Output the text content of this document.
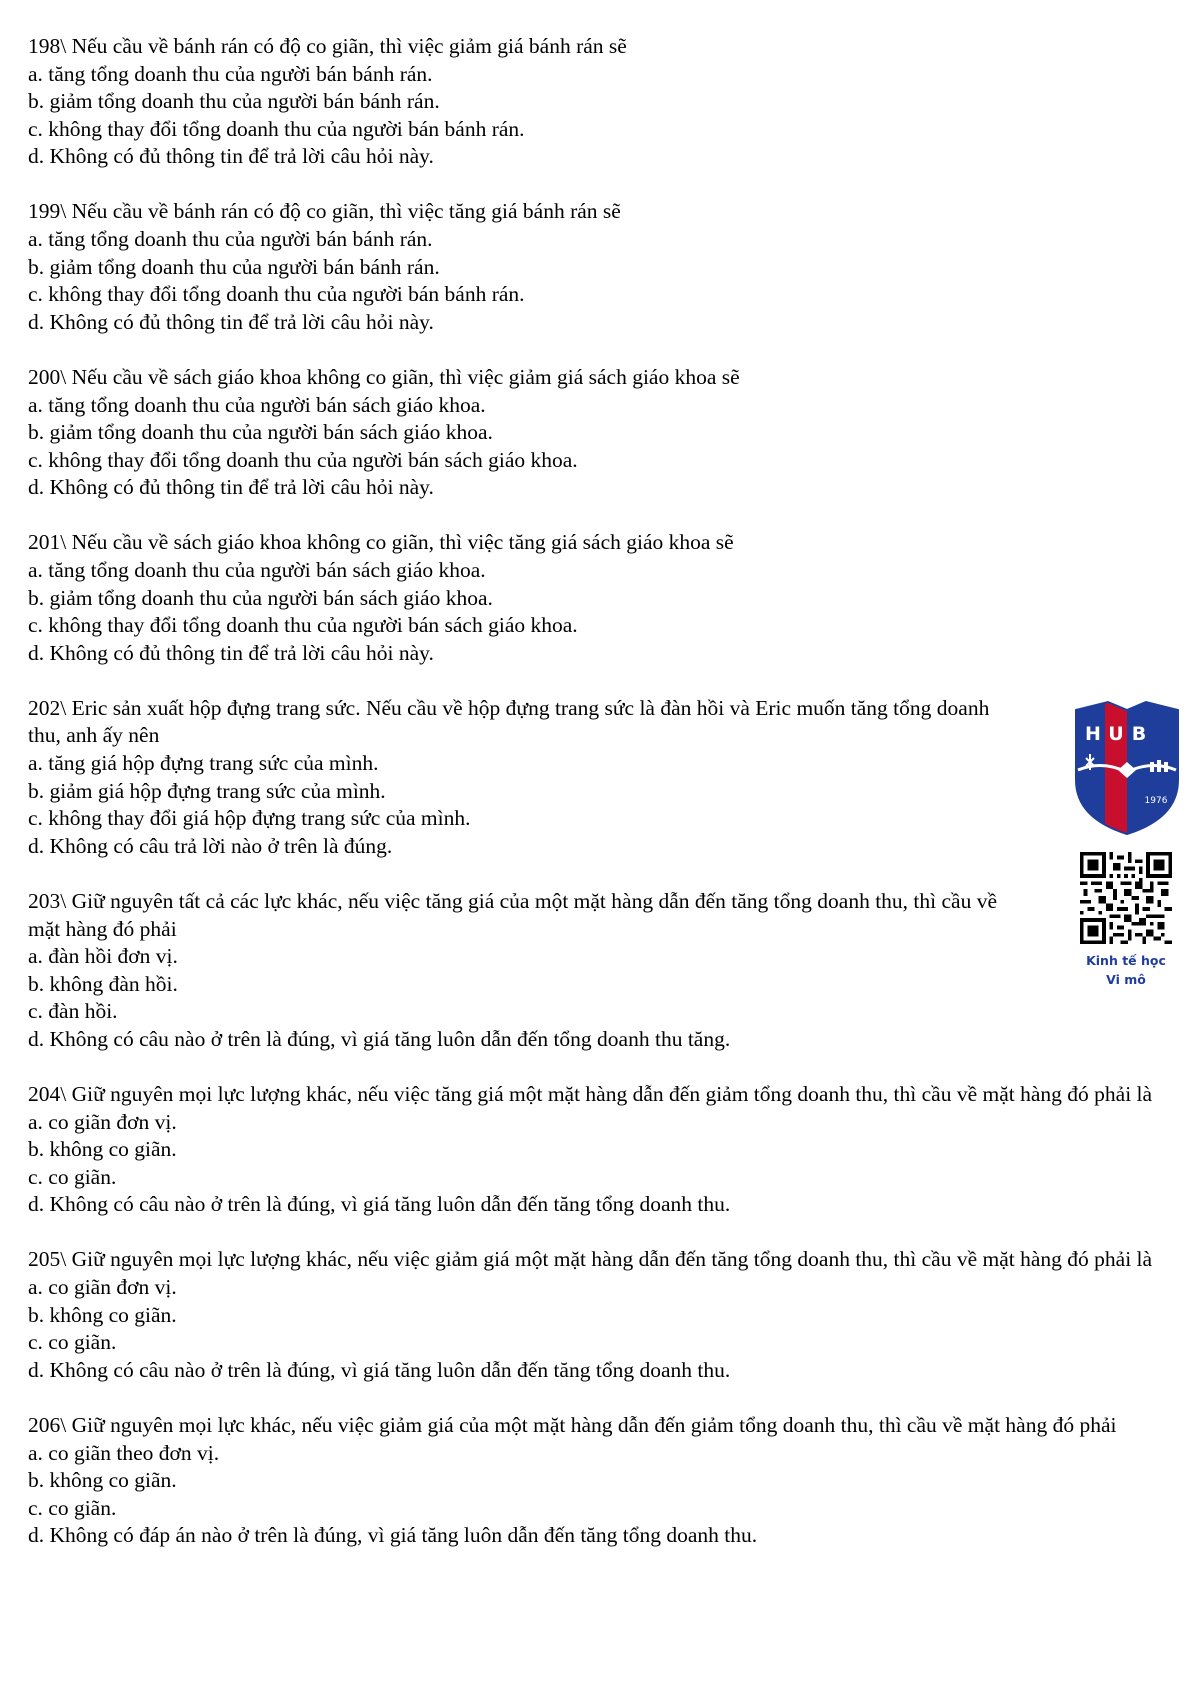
198\ Nếu cầu về bánh rán có độ co giãn, thì việc giảm giá bánh rán sẽ

a. tăng tổng doanh thu của người bán bánh rán.

b. giảm tổng doanh thu của người bán bánh rán.

c. không thay đổi tổng doanh thu của người bán bánh rán.

d. Không có đủ thông tin để trả lời câu hỏi này.

199\ Nếu cầu về bánh rán có độ co giãn, thì việc tăng giá bánh rán sẽ

a. tăng tổng doanh thu của người bán bánh rán.

b. giảm tổng doanh thu của người bán bánh rán.

c. không thay đổi tổng doanh thu của người bán bánh rán.

d. Không có đủ thông tin để trả lời câu hỏi này.

200\ Nếu cầu về sách giáo khoa không co giãn, thì việc giảm giá sách giáo khoa sẽ

a. tăng tổng doanh thu của người bán sách giáo khoa.

b. giảm tổng doanh thu của người bán sách giáo khoa.

c. không thay đổi tổng doanh thu của người bán sách giáo khoa.

d. Không có đủ thông tin để trả lời câu hỏi này.

201\ Nếu cầu về sách giáo khoa không co giãn, thì việc tăng giá sách giáo khoa sẽ

a. tăng tổng doanh thu của người bán sách giáo khoa.

b. giảm tổng doanh thu của người bán sách giáo khoa.

c. không thay đổi tổng doanh thu của người bán sách giáo khoa.

d. Không có đủ thông tin để trả lời câu hỏi này.

202\ Eric sản xuất hộp đựng trang sức. Nếu cầu về hộp đựng trang sức là đàn hồi và Eric muốn tăng tổng doanh thu, anh ấy nên

a. tăng giá hộp đựng trang sức của mình.

b. giảm giá hộp đựng trang sức của mình.

c. không thay đổi giá hộp đựng trang sức của mình.

d. Không có câu trả lời nào ở trên là đúng.

203\ Giữ nguyên tất cả các lực khác, nếu việc tăng giá của một mặt hàng dẫn đến tăng tổng doanh thu, thì cầu về mặt hàng đó phải

a. đàn hồi đơn vị.

b. không đàn hồi.

c. đàn hồi.

d. Không có câu nào ở trên là đúng, vì giá tăng luôn dẫn đến tổng doanh thu tăng.

204\ Giữ nguyên mọi lực lượng khác, nếu việc tăng giá một mặt hàng dẫn đến giảm tổng doanh thu, thì cầu về mặt hàng đó phải là

a. co giãn đơn vị.

b. không co giãn.

c. co giãn.

d. Không có câu nào ở trên là đúng, vì giá tăng luôn dẫn đến tăng tổng doanh thu.

205\ Giữ nguyên mọi lực lượng khác, nếu việc giảm giá một mặt hàng dẫn đến tăng tổng doanh thu, thì cầu về mặt hàng đó phải là

a. co giãn đơn vị.

b. không co giãn.

c. co giãn.

d. Không có câu nào ở trên là đúng, vì giá tăng luôn dẫn đến tăng tổng doanh thu.

206\ Giữ nguyên mọi lực khác, nếu việc giảm giá của một mặt hàng dẫn đến giảm tổng doanh thu, thì cầu về mặt hàng đó phải

a. co giãn theo đơn vị.

b. không co giãn.

c. co giãn.

d. Không có đáp án nào ở trên là đúng, vì giá tăng luôn dẫn đến tăng tổng doanh thu.

H U B
1976
Kinh tế học
Vi mô
